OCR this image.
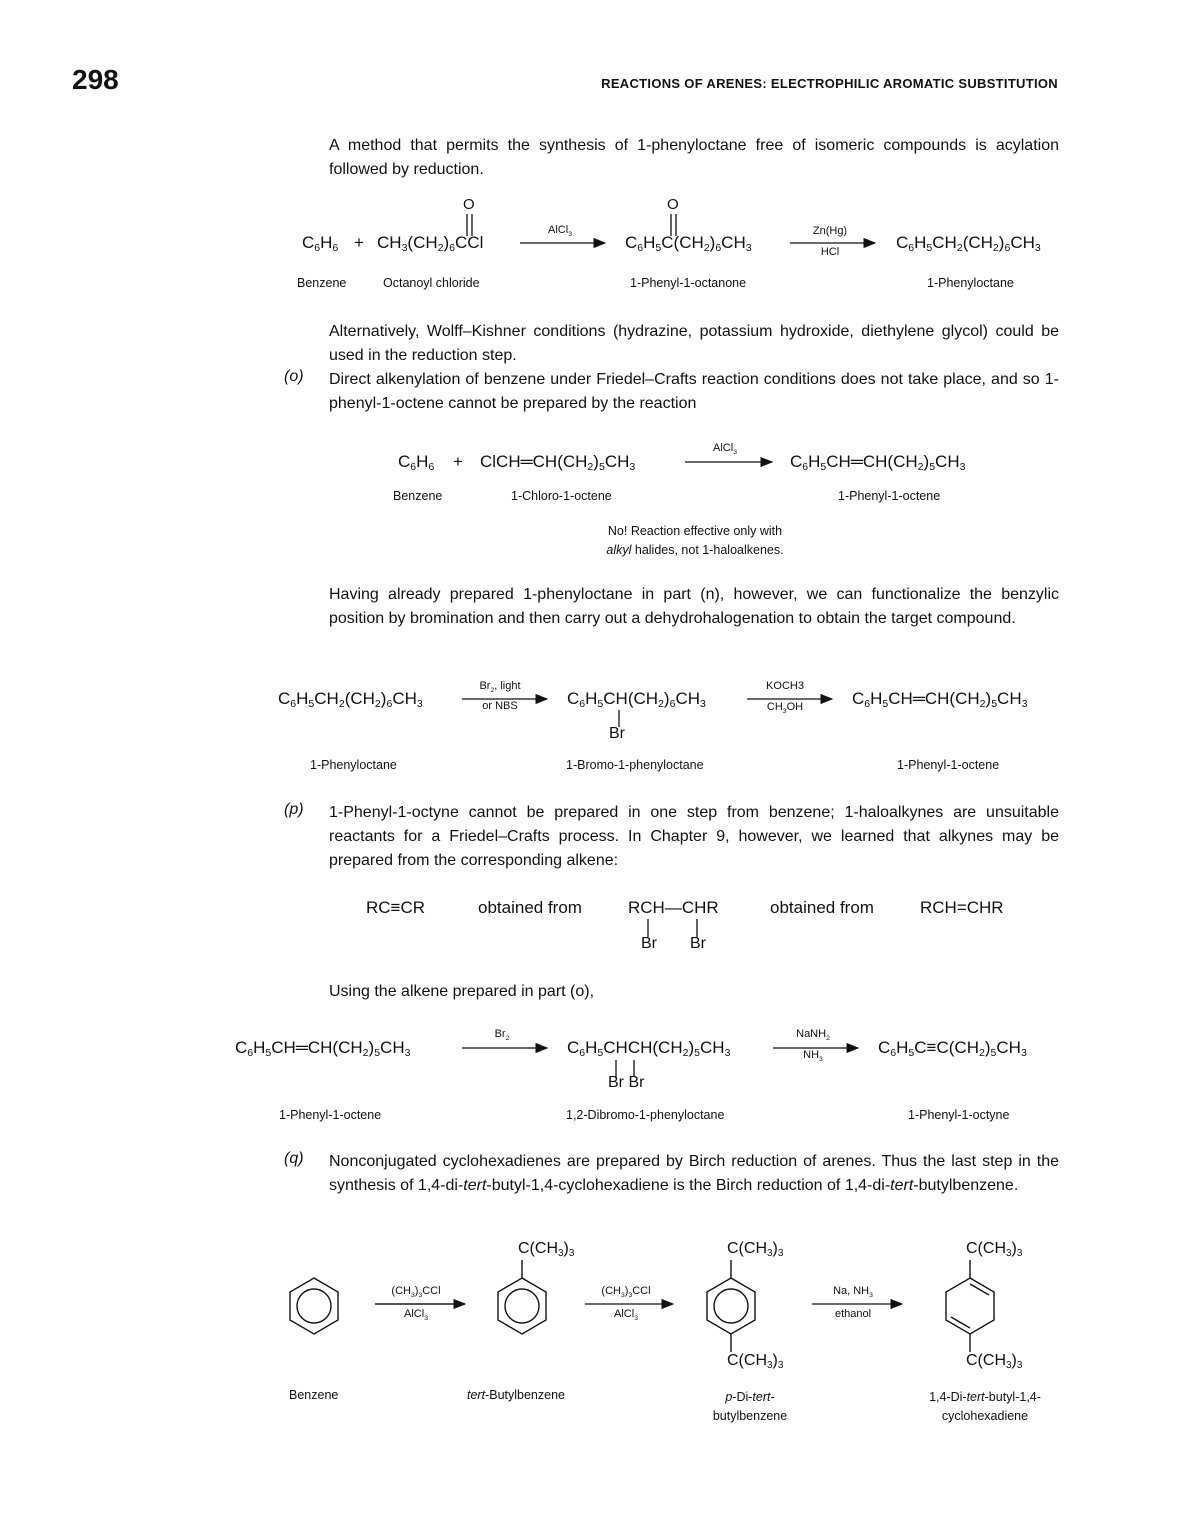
298	REACTIONS OF ARENES: ELECTROPHILIC AROMATIC SUBSTITUTION
A method that permits the synthesis of 1-phenyloctane free of isomeric compounds is acylation followed by reduction.
O	O
$C_6H_6 + CH_3(CH_2)_6CCl$
AlCl$_3$	$C_6H_5C(CH_2)_6CH_3$
Zn(Hg)
HCl	$C_6H_5CH_2(CH_2)_6CH_3$
Benzene	Octanoyl chloride	1-Phenyl-1-octanone	1-Phenyloctane
Alternatively, Wolff–Kishner conditions (hydrazine, potassium hydroxide, diethylene glycol) could be used in the reduction step.
(o) Direct alkenylation of benzene under Friedel–Crafts reaction conditions does not take place, and so 1-phenyl-1-octene cannot be prepared by the reaction
$C_6H_6$ + $ClCH═CH(CH_2)_5CH_3$
AlCl$_3$	$C_6H_5CH═CH(CH_2)_5CH_3$
Benzene	1-Chloro-1-octene	1-Phenyl-1-octene
No! Reaction effective only with
alkyl halides, not 1-haloalkenes.
Having already prepared 1-phenyloctane in part (n), however, we can functionalize the benzylic position by bromination and then carry out a dehydrohalogenation to obtain the target compound.
$C_6H_5CH_2(CH_2)_6CH_3$
$Br_2$, light
or NBS	$C_6H_5CH(CH_2)_6CH_3$
Br
KOCH3
$CH_3OH$	$C_6H_5CH═CH(CH_2)_5CH_3$
1-Phenyloctane	1-Bromo-1-phenyloctane	1-Phenyl-1-octene
(p) 1-Phenyl-1-octyne cannot be prepared in one step from benzene; 1-haloalkynes are unsuitable reactants for a Friedel–Crafts process. In Chapter 9, however, we learned that alkynes may be prepared from the corresponding alkene:
RC≡CR	obtained from	RCH—CHR
Br Br
obtained from	RCH=CHR
Using the alkene prepared in part (o),
$C_6H_5CH═CH(CH_2)_5CH_3$
$Br_2$	$C_6H_5CHCH(CH_2)_5CH_3$
Br Br
NaNH$_2$
$NH_3$
$C_6H_5C\equiv C(CH_2)_5CH_3$
1-Phenyl-1-octene	1,2-Dibromo-1-phenyloctane	1-Phenyl-1-octyne
(q) Nonconjugated cyclohexadienes are prepared by Birch reduction of arenes. Thus the last step in the synthesis of 1,4-di-tert-butyl-1,4-cyclohexadiene is the Birch reduction of 1,4-di-tert-butylbenzene.
$C(CH_3)_3$	$C(CH_3)_3$
$C(CH_3)_3$
$C(CH_3)_3$
$C(CH_3)_3$
$(CH_3)_3CCl$
AlCl$_3$
$(CH_3)_3CCl$
AlCl$_3$
Na, $NH_3$
ethanol
Benzene	tert-Butylbenzene	p-Di-tert-
butylbenzene
1,4-Di-tert-butyl-1,4-
cyclohexadiene
